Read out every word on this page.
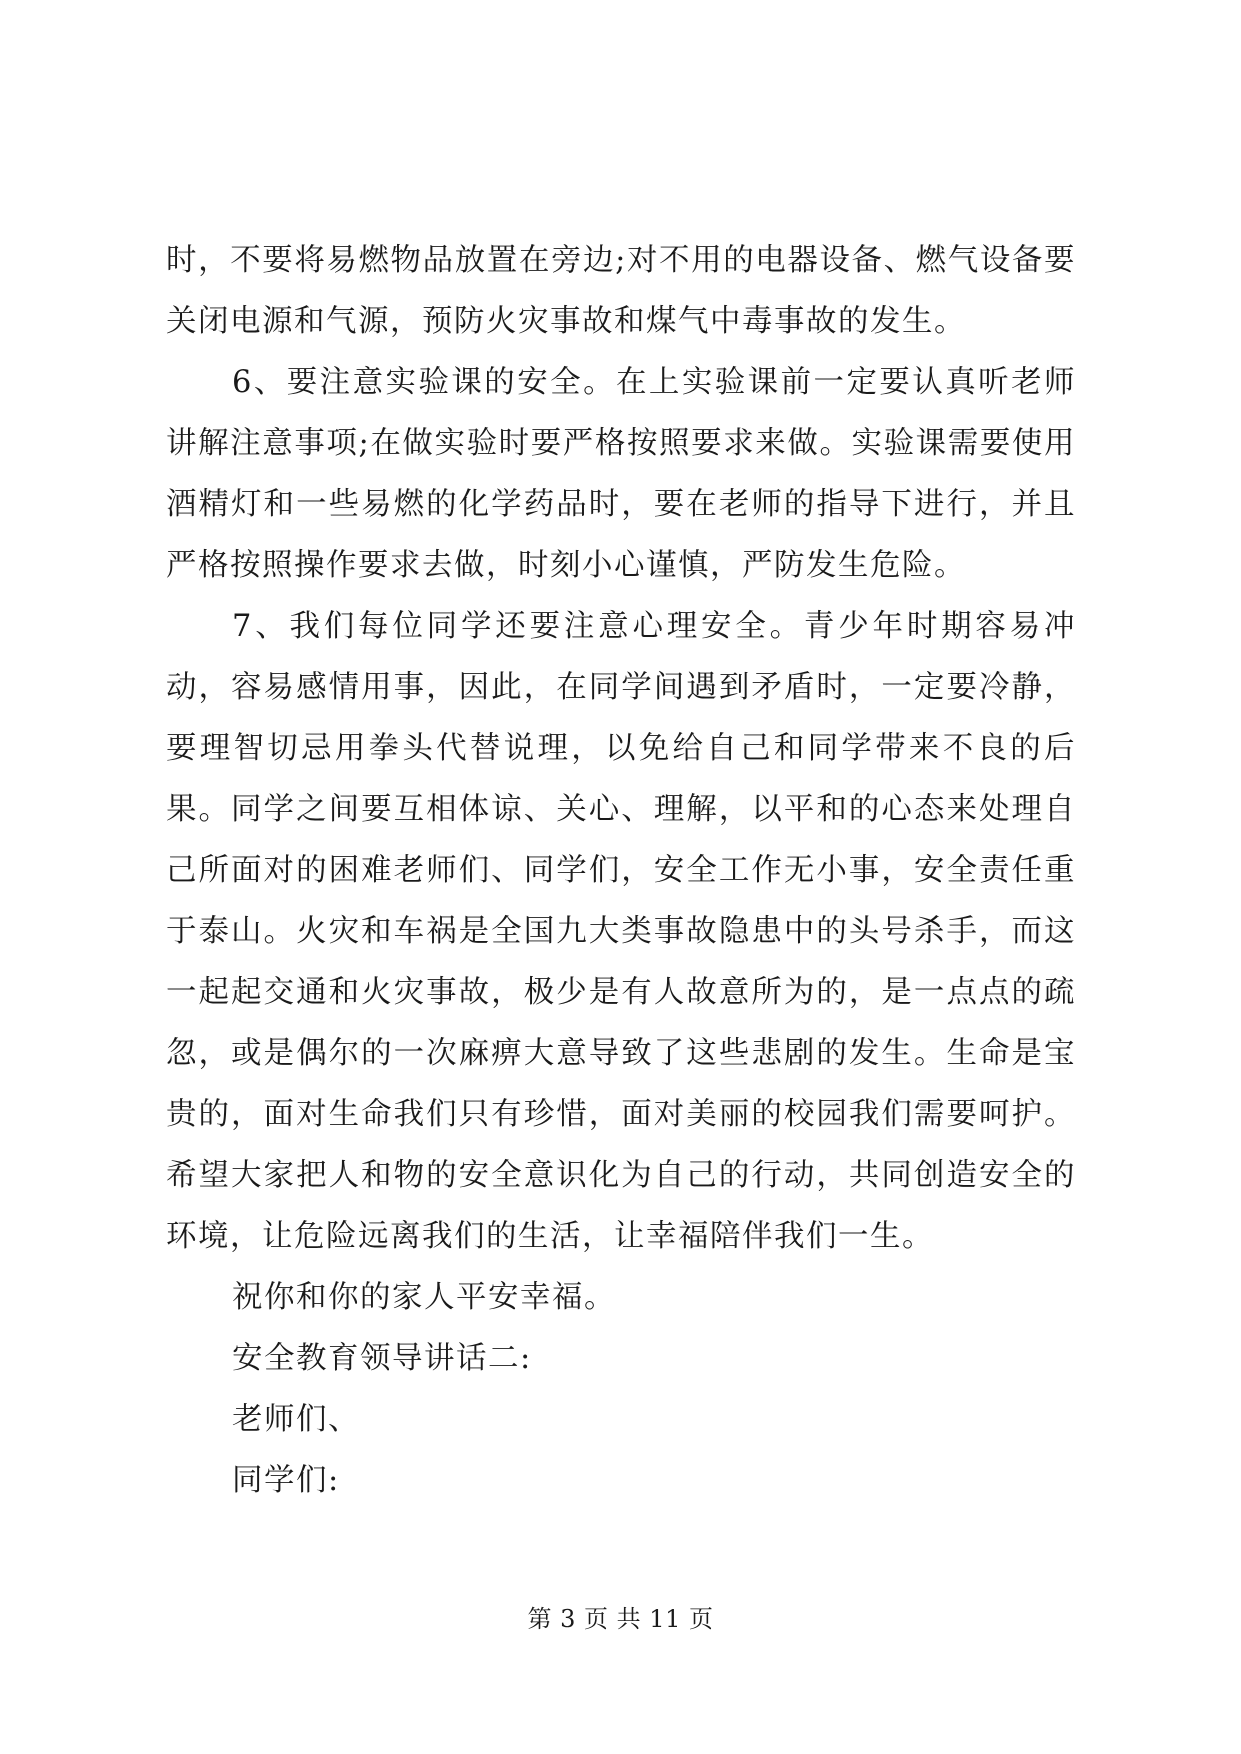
时，不要将易燃物品放置在旁边;对不用的电器设备、燃气设备要关闭电源和气源，预防火灾事故和煤气中毒事故的发生。

6、要注意实验课的安全。在上实验课前一定要认真听老师讲解注意事项;在做实验时要严格按照要求来做。实验课需要使用酒精灯和一些易燃的化学药品时，要在老师的指导下进行，并且严格按照操作要求去做，时刻小心谨慎，严防发生危险。

7、我们每位同学还要注意心理安全。青少年时期容易冲动，容易感情用事，因此，在同学间遇到矛盾时，一定要冷静，要理智切忌用拳头代替说理，以免给自己和同学带来不良的后果。同学之间要互相体谅、关心、理解，以平和的心态来处理自己所面对的困难老师们、同学们，安全工作无小事，安全责任重于泰山。火灾和车祸是全国九大类事故隐患中的头号杀手，而这一起起交通和火灾事故，极少是有人故意所为的，是一点点的疏忽，或是偶尔的一次麻痹大意导致了这些悲剧的发生。生命是宝贵的，面对生命我们只有珍惜，面对美丽的校园我们需要呵护。希望大家把人和物的安全意识化为自己的行动，共同创造安全的环境，让危险远离我们的生活，让幸福陪伴我们一生。

祝你和你的家人平安幸福。

安全教育领导讲话二:

老师们、

同学们:

第 3 页 共 11 页
